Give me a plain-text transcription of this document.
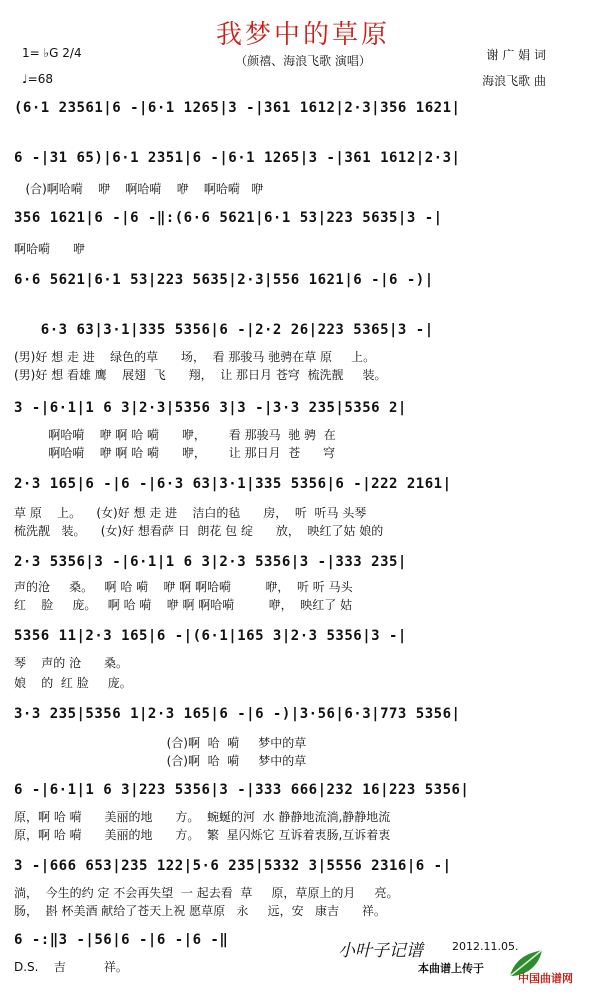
我梦中的草原
（颜禧、海浪飞歌 演唱）
1= ♭G 2/4
♩=68
谢 广 娟 词
海浪飞歌 曲
(6·1 23561|6 -|6·1 1265|3 -|361 1612|2·3|356 1621|
6 -|31 65)|6·1 2351|6 -|6·1 1265|3 -|361 1612|2·3|
(合)啊哈嗬    咿    啊哈嗬    咿    啊哈嗬   咿
356 1621|6 -|6 -‖:(6·6 5621|6·1 53|223 5635|3 -|
啊哈嗬      咿
6·6 5621|6·1 53|223 5635|2·3|556 1621|6 -|6 -)|
6·3 63|3·1|335 5356|6 -|2·2 26|223 5365|3 -|
(男)好 想 走 进    绿色的草      场，  看 那骏马 驰骋在草 原     上。
(男)好 想 看雄 鹰    展翅  飞      翔，  让 那日月 苍穹  梳洗靓     装。
3 -|6·1|1 6 3|2·3|5356 3|3 -|3·3 235|5356 2|
啊哈嗬    咿 啊 哈 嗬      咿，      看 那骏马  驰 骋  在
啊哈嗬    咿 啊 哈 嗬      咿，      让 那日月  苍      穹
2·3 165|6 -|6 -|6·3 63|3·1|335 5356|6 -|222 2161|
草 原    上。    (女)好 想 走 进    洁白的毡      房，  听  听马 头琴
梳洗靓   装。    (女)好 想看萨 日  朗花 包 绽      放，  映红了姑 娘的
2·3 5356|3 -|6·1|1 6 3|2·3 5356|3 -|333 235|
声的沧     桑。   啊 哈 嗬    咿 啊 啊哈嗬         咿，  听 听 马头
红    脸     庞。   啊 哈 嗬    咿 啊 啊哈嗬         咿，  映红了 姑
5356 11|2·3 165|6 -|(6·1|165 3|2·3 5356|3 -|
琴    声的 沧      桑。
娘    的  红 脸     庞。
3·3 235|5356 1|2·3 165|6 -|6 -)|3·56|6·3|773 5356|
(合)啊  哈  嗬     梦中的草
(合)啊  哈  嗬     梦中的草
6 -|6·1|1 6 3|223 5356|3 -|333 666|232 16|223 5356|
原，啊 哈 嗬      美丽的地      方。  蜿蜒的河  水 静静地流淌,静静地流
原，啊 哈 嗬      美丽的地      方。  繁  星闪烁它 互诉着衷肠,互诉着衷
3 -|666 653|235 122|5·6 235|5332 3|5556 2316|6 -|
淌，  今生的约 定 不会再失望  一 起去看  草     原，草原上的月     亮。
肠，  斟 杯美酒 献给了苍天上祝 愿草原   永     远，安   康吉      祥。
6 -:‖3 -|56|6 -|6 -|6 -‖
D.S.    吉          祥。
小叶子记谱	2012.11.05.
本曲谱上传于
中国曲谱网
